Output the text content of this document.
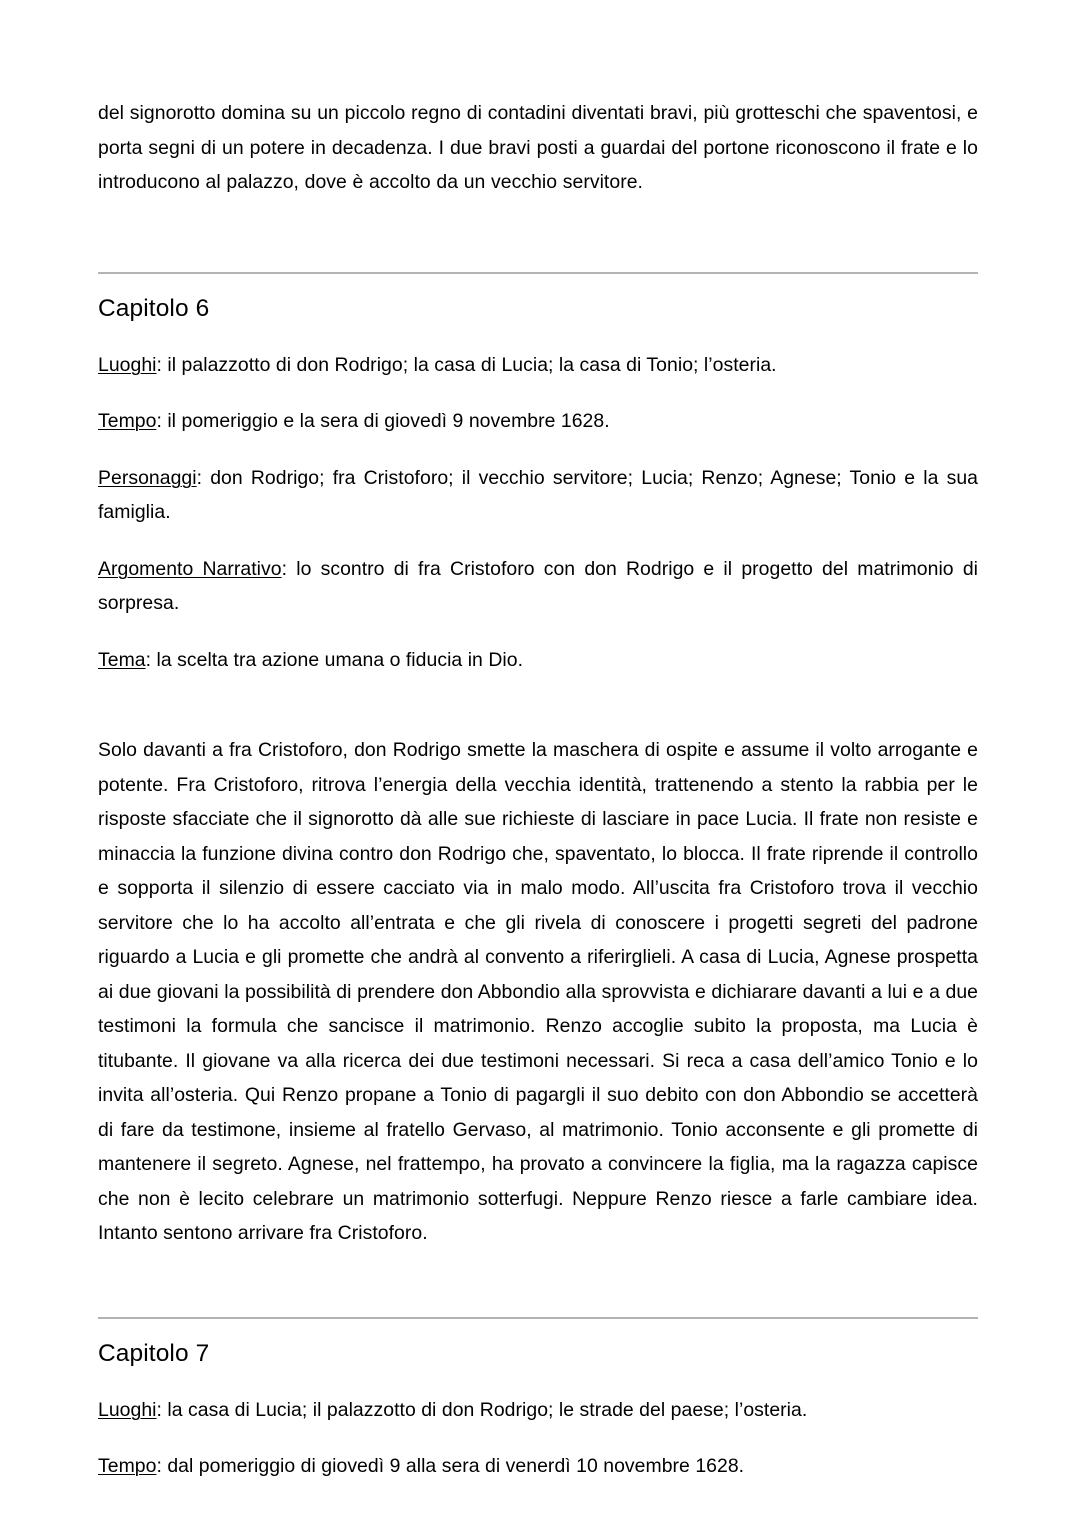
del signorotto domina su un piccolo regno di contadini diventati bravi, più grotteschi che spaventosi, e porta segni di un potere in decadenza. I due bravi posti a guardai del portone riconoscono il frate e lo introducono al palazzo, dove è accolto da un vecchio servitore.

Capitolo 6

Luoghi: il palazzotto di don Rodrigo; la casa di Lucia; la casa di Tonio; l’osteria.

Tempo: il pomeriggio e la sera di giovedì 9 novembre 1628.

Personaggi: don Rodrigo; fra Cristoforo; il vecchio servitore; Lucia; Renzo; Agnese; Tonio e la sua famiglia.

Argomento Narrativo: lo scontro di fra Cristoforo con don Rodrigo e il progetto del matrimonio di sorpresa.

Tema: la scelta tra azione umana o fiducia in Dio.

Solo davanti a fra Cristoforo, don Rodrigo smette la maschera di ospite e assume il volto arrogante e potente. Fra Cristoforo, ritrova l’energia della vecchia identità, trattenendo a stento la rabbia per le risposte sfacciate che il signorotto dà alle sue richieste di lasciare in pace Lucia. Il frate non resiste e minaccia la funzione divina contro don Rodrigo che, spaventato, lo blocca. Il frate riprende il controllo e sopporta il silenzio di essere cacciato via in malo modo. All’uscita fra Cristoforo trova il vecchio servitore che lo ha accolto all’entrata e che gli rivela di conoscere i progetti segreti del padrone riguardo a Lucia e gli promette che andrà al convento a riferirglieli. A casa di Lucia, Agnese prospetta ai due giovani la possibilità di prendere don Abbondio alla sprovvista e dichiarare davanti a lui e a due testimoni la formula che sancisce il matrimonio. Renzo accoglie subito la proposta, ma Lucia è titubante. Il giovane va alla ricerca dei due testimoni necessari. Si reca a casa dell’amico Tonio e lo invita all’osteria. Qui Renzo propane a Tonio di pagargli il suo debito con don Abbondio se accetterà di fare da testimone, insieme al fratello Gervaso, al matrimonio. Tonio acconsente e gli promette di mantenere il segreto. Agnese, nel frattempo, ha provato a convincere la figlia, ma la ragazza capisce che non è lecito celebrare un matrimonio sotterfugi. Neppure Renzo riesce a farle cambiare idea. Intanto sentono arrivare fra Cristoforo.

Capitolo 7

Luoghi: la casa di Lucia; il palazzotto di don Rodrigo; le strade del paese; l’osteria.

Tempo: dal pomeriggio di giovedì 9 alla sera di venerdì 10 novembre 1628.
